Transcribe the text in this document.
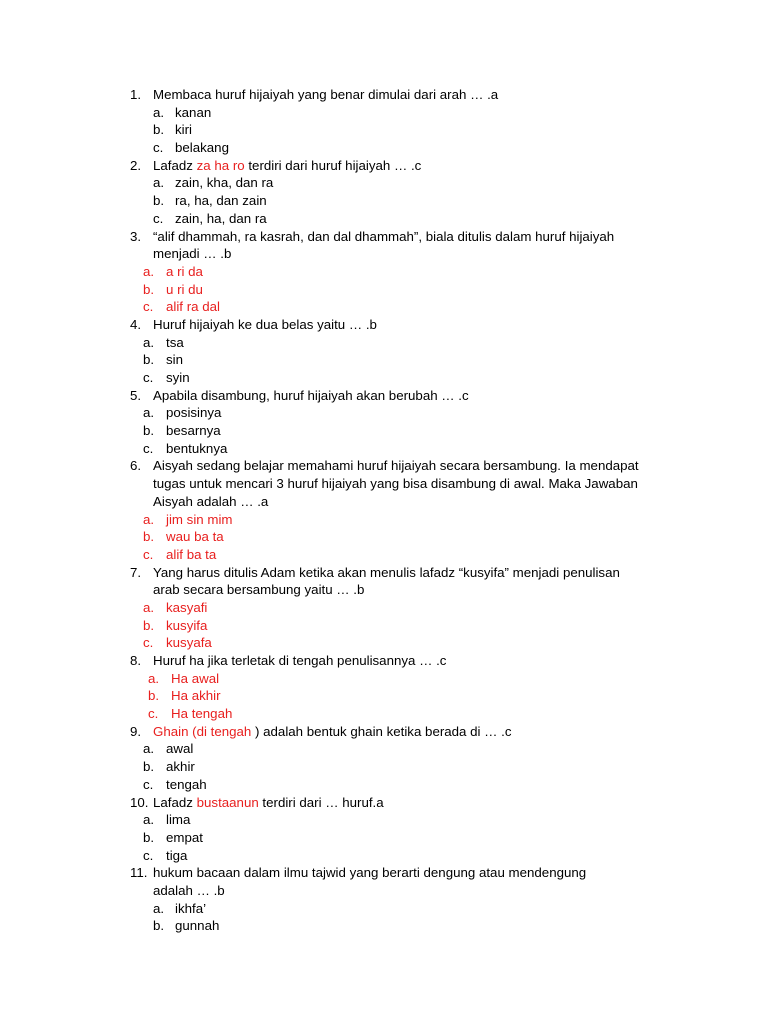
1. Membaca huruf hijaiyah yang benar dimulai dari arah … .a
a. kanan
b. kiri
c. belakang
2. Lafadz za ha ro terdiri dari huruf hijaiyah … .c
a. zain, kha, dan ra
b. ra, ha, dan zain
c. zain, ha, dan ra
3. “alif dhammah, ra kasrah, dan dal dhammah”, biala ditulis dalam huruf hijaiyah
menjadi … .b
a. a ri da
b. u ri du
c. alif ra dal
4. Huruf hijaiyah ke dua belas yaitu … .b
a. tsa
b. sin
c. syin
5. Apabila disambung, huruf hijaiyah akan berubah … .c
a. posisinya
b. besarnya
c. bentuknya
6. Aisyah sedang belajar memahami huruf hijaiyah secara bersambung. Ia mendapat
tugas untuk mencari 3 huruf hijaiyah yang bisa disambung di awal. Maka Jawaban
Aisyah adalah … .a
a. jim sin mim
b. wau ba ta
c. alif ba ta
7. Yang harus ditulis Adam ketika akan menulis lafadz “kusyifa” menjadi penulisan
arab secara bersambung yaitu … .b
a. kasyafi
b. kusyifa
c. kusyafa
8. Huruf ha jika terletak di tengah penulisannya … .c
a. Ha awal
b. Ha akhir
c. Ha tengah
9. Ghain (di tengah ) adalah bentuk ghain ketika berada di … .c
a. awal
b. akhir
c. tengah
10. Lafadz bustaanun terdiri dari … huruf.a
a. lima
b. empat
c. tiga
11. hukum bacaan dalam ilmu tajwid yang berarti dengung atau mendengung
adalah … .b
a. ikhfa’
b. gunnah
